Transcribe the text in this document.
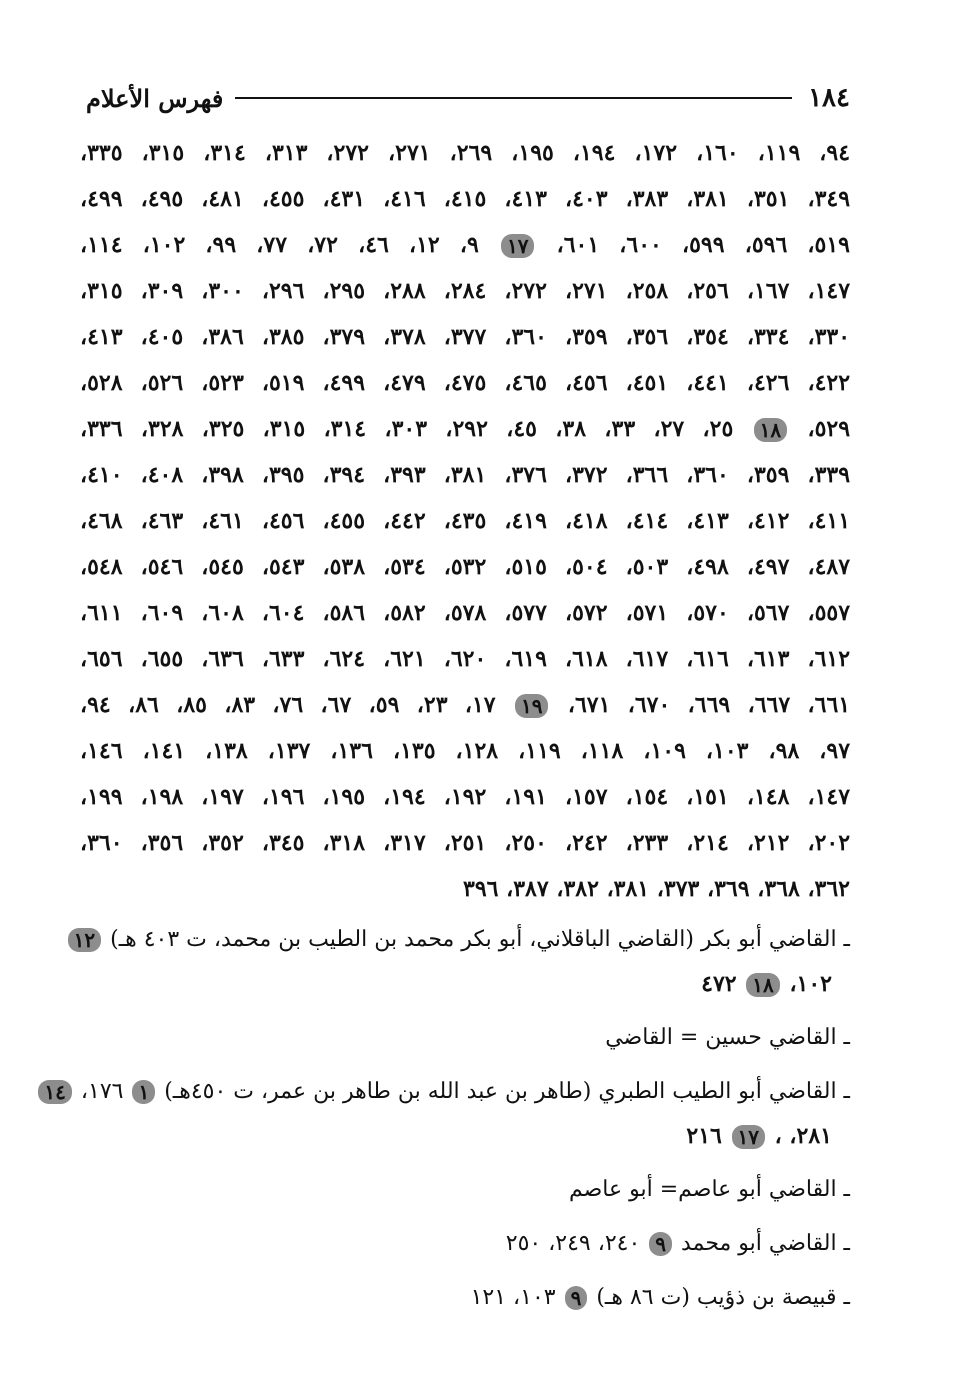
١٨٤
فهرس الأعلام
٩٤، ١١٩، ١٦٠، ١٧٢، ١٩٤، ١٩٥، ٢٦٩، ٢٧١، ٢٧٢، ٣١٣، ٣١٤، ٣١٥، ٣٣٥،
٣٤٩، ٣٥١، ٣٨١، ٣٨٣، ٤٠٣، ٤١٣، ٤١٥، ٤١٦، ٤٣١، ٤٥٥، ٤٨١، ٤٩٥، ٤٩٩،
٥١٩، ٥٩٦، ٥٩٩، ٦٠٠، ٦٠١، ١٧ ٩، ١٢، ٤٦، ٧٢، ٧٧، ٩٩، ١٠٢، ١١٤،
١٤٧، ١٦٧، ٢٥٦، ٢٥٨، ٢٧١، ٢٧٢، ٢٨٤، ٢٨٨، ٢٩٥، ٢٩٦، ٣٠٠، ٣٠٩، ٣١٥،
٣٣٠، ٣٣٤، ٣٥٤، ٣٥٦، ٣٥٩، ٣٦٠، ٣٧٧، ٣٧٨، ٣٧٩، ٣٨٥، ٣٨٦، ٤٠٥، ٤١٣،
٤٢٢، ٤٢٦، ٤٤١، ٤٥١، ٤٥٦، ٤٦٥، ٤٧٥، ٤٧٩، ٤٩٩، ٥١٩، ٥٢٣، ٥٢٦، ٥٢٨،
٥٢٩، ١٨ ٢٥، ٢٧، ٣٣، ٣٨، ٤٥، ٢٩٢، ٣٠٣، ٣١٤، ٣١٥، ٣٢٥، ٣٢٨، ٣٣٦،
٣٣٩، ٣٥٩، ٣٦٠، ٣٦٦، ٣٧٢، ٣٧٦، ٣٨١، ٣٩٣، ٣٩٤، ٣٩٥، ٣٩٨، ٤٠٨، ٤١٠،
٤١١، ٤١٢، ٤١٣، ٤١٤، ٤١٨، ٤١٩، ٤٣٥، ٤٤٢، ٤٥٥، ٤٥٦، ٤٦١، ٤٦٣، ٤٦٨،
٤٨٧، ٤٩٧، ٤٩٨، ٥٠٣، ٥٠٤، ٥١٥، ٥٣٢، ٥٣٤، ٥٣٨، ٥٤٣، ٥٤٥، ٥٤٦، ٥٤٨،
٥٥٧، ٥٦٧، ٥٧٠، ٥٧١، ٥٧٢، ٥٧٧، ٥٧٨، ٥٨٢، ٥٨٦، ٦٠٤، ٦٠٨، ٦٠٩، ٦١١،
٦١٢، ٦١٣، ٦١٦، ٦١٧، ٦١٨، ٦١٩، ٦٢٠، ٦٢١، ٦٢٤، ٦٣٣، ٦٣٦، ٦٥٥، ٦٥٦،
٦٦١، ٦٦٧، ٦٦٩، ٦٧٠، ٦٧١، ١٩ ١٧، ٢٣، ٥٩، ٦٧، ٧٦، ٨٣، ٨٥، ٨٦، ٩٤،
٩٧، ٩٨، ١٠٣، ١٠٩، ١١٨، ١١٩، ١٢٨، ١٣٥، ١٣٦، ١٣٧، ١٣٨، ١٤١، ١٤٦،
١٤٧، ١٤٨، ١٥١، ١٥٤، ١٥٧، ١٩١، ١٩٢، ١٩٤، ١٩٥، ١٩٦، ١٩٧، ١٩٨، ١٩٩،
٢٠٢، ٢١٢، ٢١٤، ٢٣٣، ٢٤٢، ٢٥٠، ٢٥١، ٣١٧، ٣١٨، ٣٤٥، ٣٥٢، ٣٥٦، ٣٦٠،
٣٦٢، ٣٦٨، ٣٦٩، ٣٧٣، ٣٨١، ٣٨٢، ٣٨٧، ٣٩٦
ـ القاضي أبو بكر (القاضي الباقلاني، أبو بكر محمد بن الطيب بن محمد، ت ٤٠٣ هـ) ١٢
١٠٢، ١٨ ٤٧٢
ـ القاضي حسين = القاضي
ـ القاضي أبو الطيب الطبري (طاهر بن عبد الله بن طاهر بن عمر، ت ٤٥٠هـ) ١ ١٧٦، ١٤
٢٨١، ، ١٧ ٢١٦
ـ القاضي أبو عاصم= أبو عاصم
ـ القاضي أبو محمد ٩ ٢٤٠، ٢٤٩، ٢٥٠
ـ قبيصة بن ذؤيب (ت ٨٦ هـ) ٩ ١٠٣، ١٢١
